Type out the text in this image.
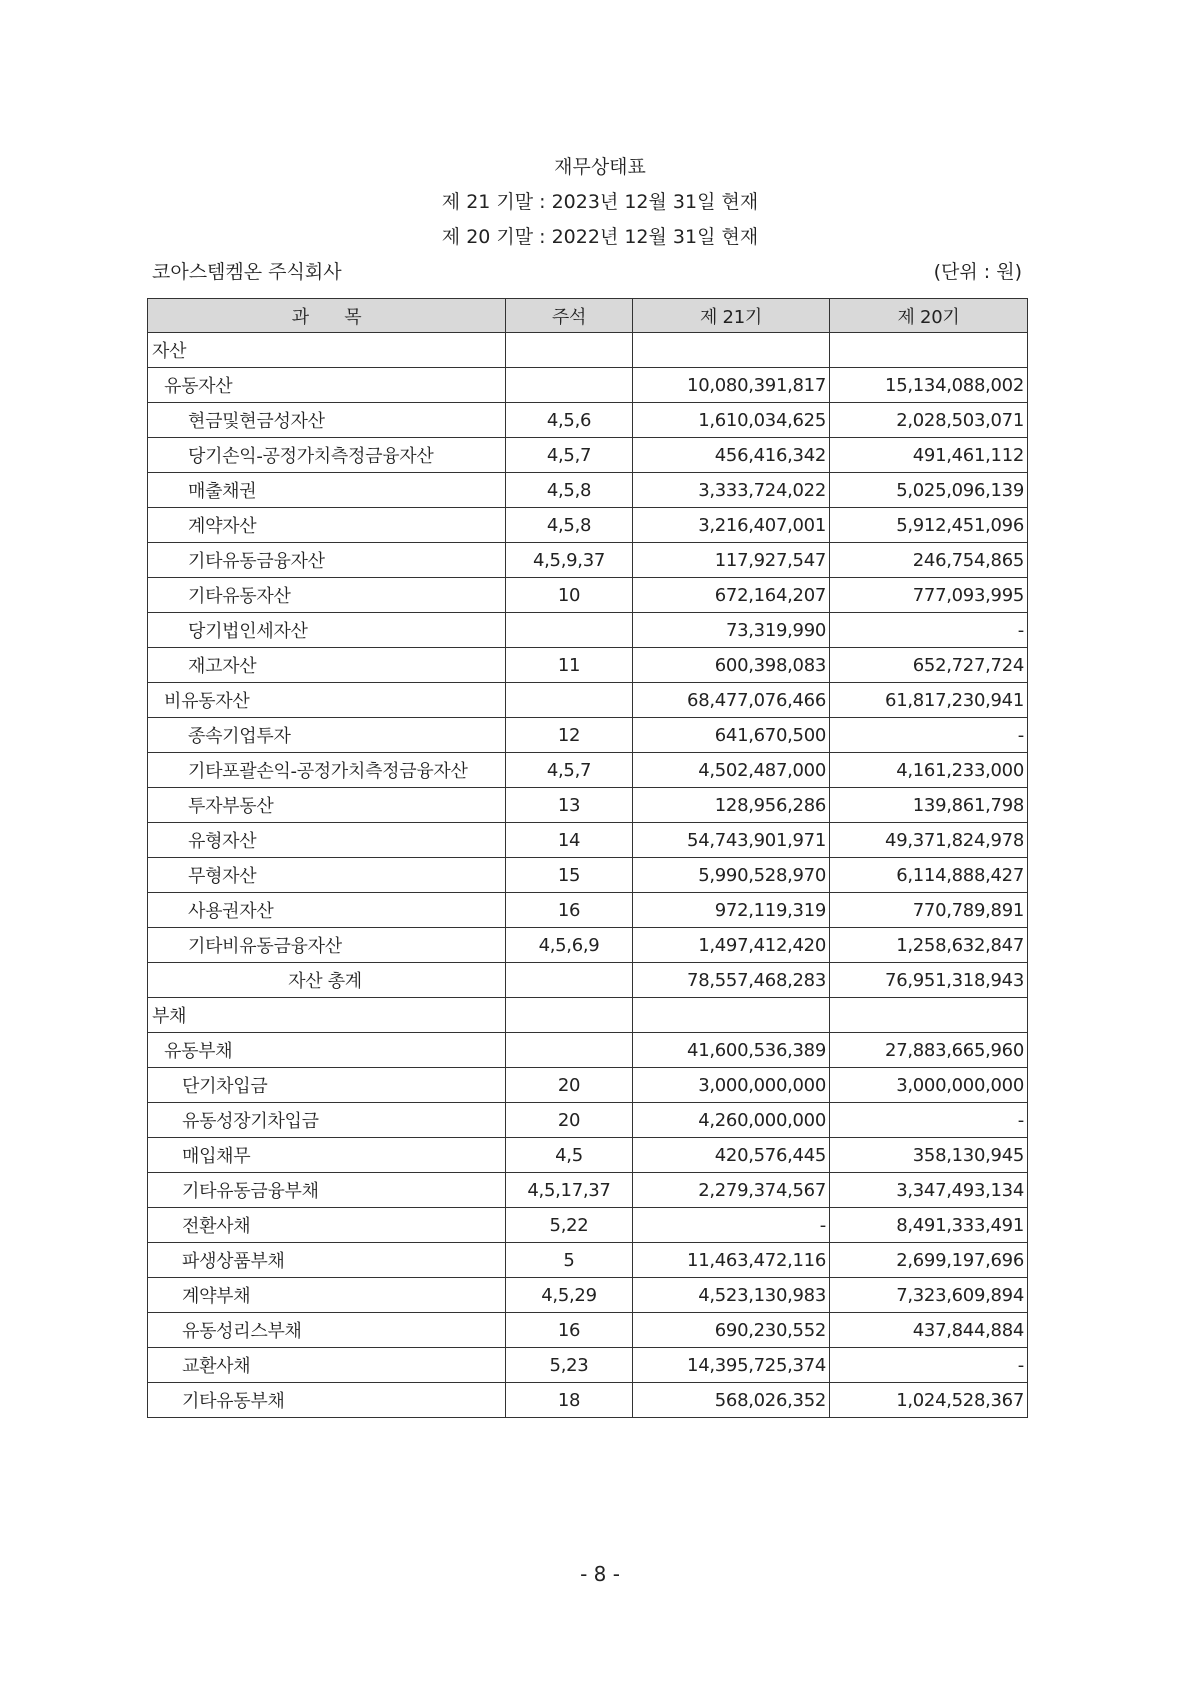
재무상태표
제 21 기말 : 2023년 12월 31일 현재
제 20 기말 : 2022년 12월 31일 현재
코아스템켐온 주식회사	(단위 : 원)
과　　목	주석	제 21기	제 20기
자산			
유동자산		10,080,391,817	15,134,088,002
현금및현금성자산	4,5,6	1,610,034,625	2,028,503,071
당기손익-공정가치측정금융자산	4,5,7	456,416,342	491,461,112
매출채권	4,5,8	3,333,724,022	5,025,096,139
계약자산	4,5,8	3,216,407,001	5,912,451,096
기타유동금융자산	4,5,9,37	117,927,547	246,754,865
기타유동자산	10	672,164,207	777,093,995
당기법인세자산		73,319,990	-
재고자산	11	600,398,083	652,727,724
비유동자산		68,477,076,466	61,817,230,941
종속기업투자	12	641,670,500	-
기타포괄손익-공정가치측정금융자산	4,5,7	4,502,487,000	4,161,233,000
투자부동산	13	128,956,286	139,861,798
유형자산	14	54,743,901,971	49,371,824,978
무형자산	15	5,990,528,970	6,114,888,427
사용권자산	16	972,119,319	770,789,891
기타비유동금융자산	4,5,6,9	1,497,412,420	1,258,632,847
자산 총계		78,557,468,283	76,951,318,943
부채			
유동부채		41,600,536,389	27,883,665,960
단기차입금	20	3,000,000,000	3,000,000,000
유동성장기차입금	20	4,260,000,000	-
매입채무	4,5	420,576,445	358,130,945
기타유동금융부채	4,5,17,37	2,279,374,567	3,347,493,134
전환사채	5,22	-	8,491,333,491
파생상품부채	5	11,463,472,116	2,699,197,696
계약부채	4,5,29	4,523,130,983	7,323,609,894
유동성리스부채	16	690,230,552	437,844,884
교환사채	5,23	14,395,725,374	-
기타유동부채	18	568,026,352	1,024,528,367
- 8 -
